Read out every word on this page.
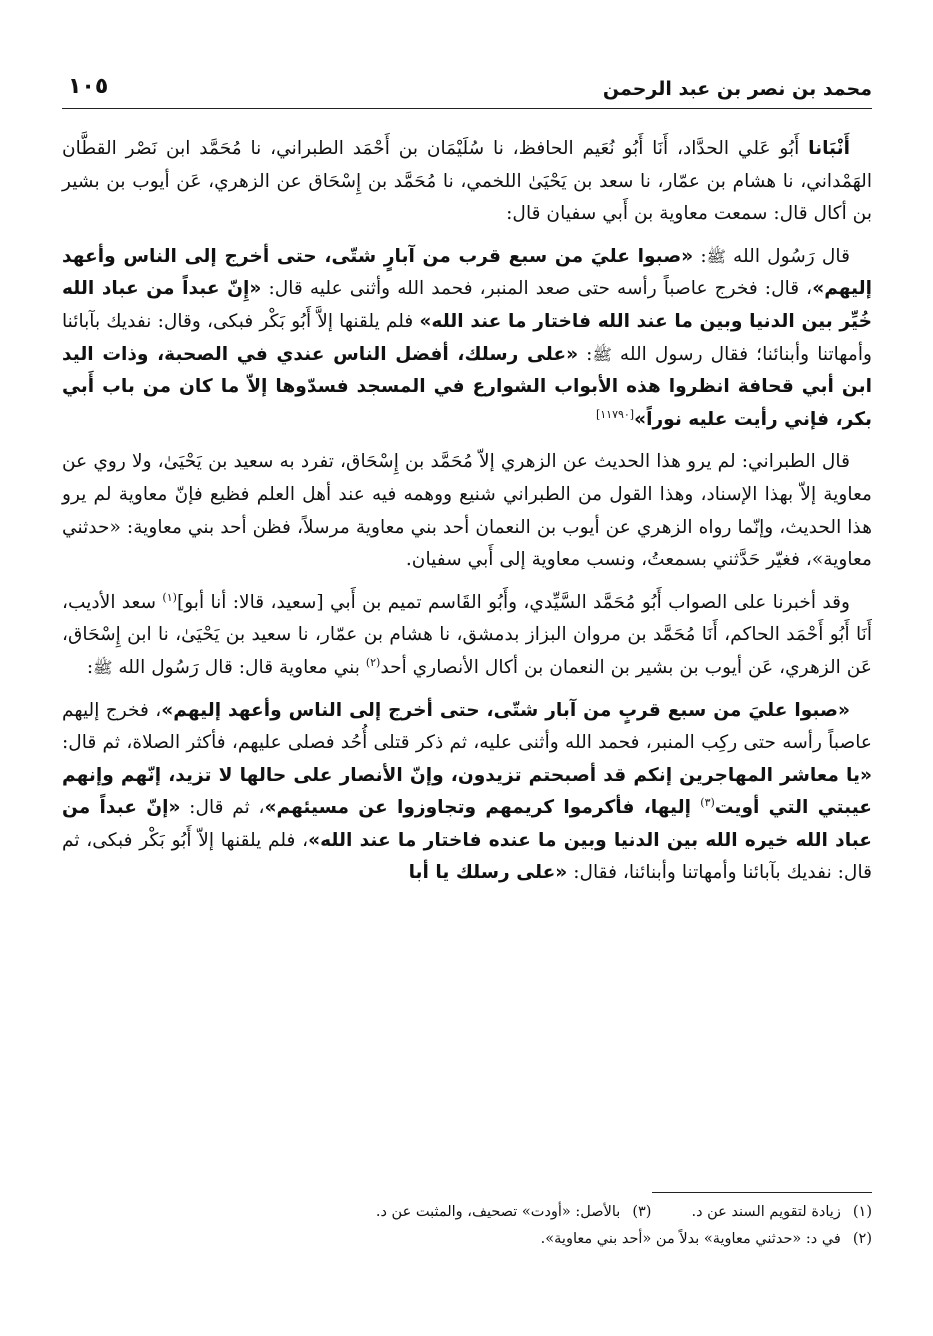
محمد بن نصر بن عبد الرحمن
١٠٥

أَنْبَانا أَبُو عَلي الحدَّاد، أَنَا أَبُو نُعَيم الحافظ، نا سُلَيْمَان بن أَحْمَد الطبراني، نا مُحَمَّد ابن نَصْر القطَّان الهَمْداني، نا هشام بن عمّار، نا سعد بن يَحْيَىٰ اللخمي، نا مُحَمَّد بن إِسْحَاق عن الزهري، عَن أيوب بن بشير بن أكال قال: سمعت معاوية بن أَبي سفيان قال:

قال رَسُول الله ﷺ: «صبوا عليَ من سبع قرب من آبارٍ شتّى، حتى أخرج إلى الناس وأعهد إليهم»، قال: فخرج عاصباً رأسه حتى صعد المنبر، فحمد الله وأثنى عليه قال: «إِنّ عبداً من عباد الله خُيِّر بين الدنيا وبين ما عند الله فاختار ما عند الله» فلم يلقنها إلاَّ أَبُو بَكْر فبكى، وقال: نفديك بآبائنا وأمهاتنا وأبنائنا؛ فقال رسول الله ﷺ: «على رسلك، أفضل الناس عندي في الصحبة، وذات اليد ابن أبي قحافة انظروا هذه الأبواب الشوارع في المسجد فسدّوها إلاّ ما كان من باب أَبي بكر، فإني رأيت عليه نوراً»[١١٧٩٠]

قال الطبراني: لم يرو هذا الحديث عن الزهري إلاّ مُحَمَّد بن إِسْحَاق، تفرد به سعيد بن يَحْيَىٰ، ولا روي عن معاوية إلاّ بهذا الإسناد، وهذا القول من الطبراني شنيع ووهمه فيه عند أهل العلم فظيع فإنّ معاوية لم يرو هذا الحديث، وإنّما رواه الزهري عن أيوب بن النعمان أحد بني معاوية مرسلاً، فظن أحد بني معاوية: «حدثني معاوية»، فغيّر حَدَّثني بسمعتُ، ونسب معاوية إلى أَبي سفيان.

وقد أخبرنا على الصواب أَبُو مُحَمَّد السَّيِّدي، وأَبُو القَاسم تميم بن أَبي [سعيد، قالا: أنا أبو]$^{(١)}$ سعد الأديب، أَنَا أَبُو أَحْمَد الحاكم، أَنَا مُحَمَّد بن مروان البزاز بدمشق، نا هشام بن عمّار، نا سعيد بن يَحْيَىٰ، نا ابن إِسْحَاق، عَن الزهري، عَن أيوب بن بشير بن النعمان بن أكال الأنصاري أحد$^{(٢)}$ بني معاوية قال: قال رَسُول الله ﷺ:

«صبوا عليَ من سبع قربٍ من آبار شتّى، حتى أخرج إلى الناس وأعهد إليهم»، فخرج إليهم عاصباً رأسه حتى ركِب المنبر، فحمد الله وأثنى عليه، ثم ذكر قتلى أُحُد فصلى عليهم، فأكثر الصلاة، ثم قال: «يا معاشر المهاجرين إنكم قد أصبحتم تزيدون، وإنّ الأنصار على حالها لا تزيد، إنّهم وإنهم عيبتي التي أويت$^{(٣)}$ إليها، فأكرموا كريمهم وتجاوزوا عن مسيئهم»، ثم قال: «إنّ عبداً من عباد الله خيره الله بين الدنيا وبين ما عنده فاختار ما عند الله»، فلم يلقنها إلاّ أَبُو بَكْر فبكى، ثم قال: نفديك بآبائنا وأمهاتنا وأبنائنا، فقال: «على رسلك يا أبا

(١)زيادة لتقويم السند عن د.
(٣)بالأصل: «أودت» تصحيف، والمثبت عن د.
(٢)في د: «حدثني معاوية» بدلاً من «أحد بني معاوية».
